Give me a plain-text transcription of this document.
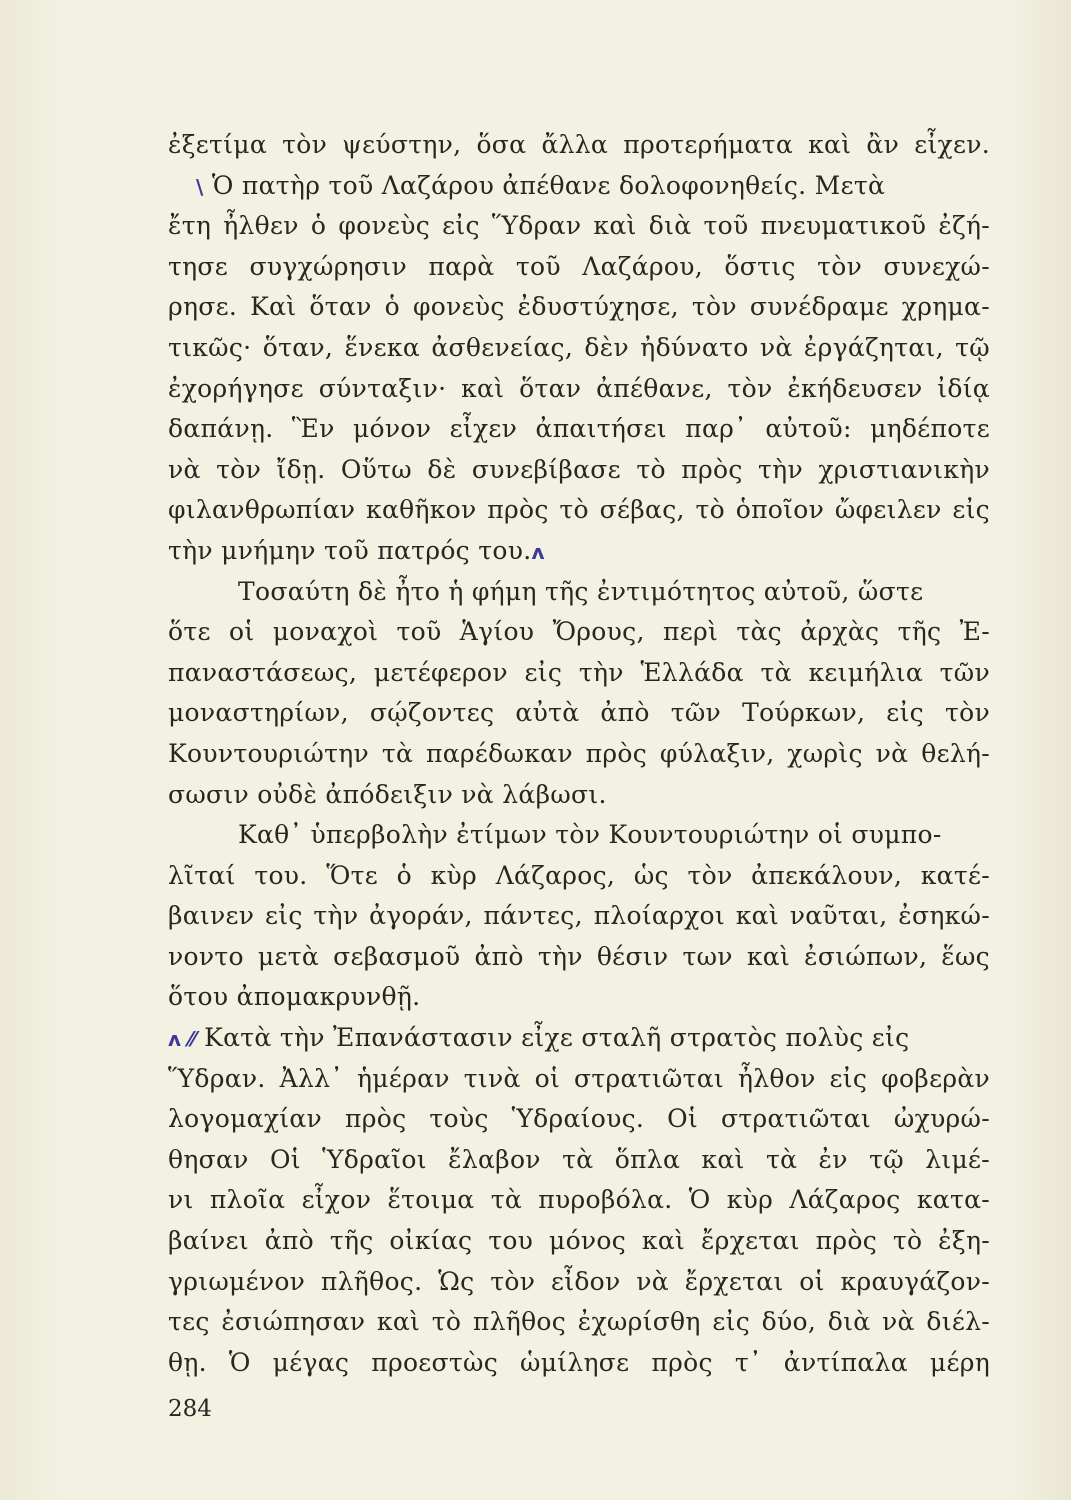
ἐξετίμα τὸν ψεύστην, ὅσα ἄλλα προτερήματα καὶ ἂν εἶχεν.
\ Ὁ πατὴρ τοῦ Λαζάρου ἀπέθανε δολοφονηθείς. Μετὰ
ἔτη ἦλθεν ὁ φονεὺς εἰς Ὕδραν καὶ διὰ τοῦ πνευματικοῦ ἐζή-
τησε συγχώρησιν παρὰ τοῦ Λαζάρου, ὅστις τὸν συνεχώ-
ρησε. Καὶ ὅταν ὁ φονεὺς ἐδυστύχησε, τὸν συνέδραμε χρημα-
τικῶς· ὅταν, ἕνεκα ἀσθενείας, δὲν ἠδύνατο νὰ ἐργάζηται, τῷ
ἐχορήγησε σύνταξιν· καὶ ὅταν ἀπέθανε, τὸν ἐκήδευσεν ἰδίᾳ
δαπάνῃ. Ἓν μόνον εἶχεν ἀπαιτήσει παρ᾽ αὐτοῦ: μηδέποτε
νὰ τὸν ἴδῃ. Οὕτω δὲ συνεβίβασε τὸ πρὸς τὴν χριστιανικὴν
φιλανθρωπίαν καθῆκον πρὸς τὸ σέβας, τὸ ὁποῖον ὤφειλεν εἰς
τὴν μνήμην τοῦ πατρός του.ʌ
Τοσαύτη δὲ ἦτο ἡ φήμη τῆς ἐντιμότητος αὐτοῦ, ὥστε
ὅτε οἱ μοναχοὶ τοῦ Ἁγίου Ὄρους, περὶ τὰς ἀρχὰς τῆς Ἐ-
παναστάσεως, μετέφερον εἰς τὴν Ἑλλάδα τὰ κειμήλια τῶν
μοναστηρίων, σῴζοντες αὐτὰ ἀπὸ τῶν Τούρκων, εἰς τὸν
Κουντουριώτην τὰ παρέδωκαν πρὸς φύλαξιν, χωρὶς νὰ θελή-
σωσιν οὐδὲ ἀπόδειξιν νὰ λάβωσι.
Καθ᾽ ὑπερβολὴν ἐτίμων τὸν Κουντουριώτην οἱ συμπο-
λῖταί του. Ὅτε ὁ κὺρ Λάζαρος, ὡς τὸν ἀπεκάλουν, κατέ-
βαινεν εἰς τὴν ἀγοράν, πάντες, πλοίαρχοι καὶ ναῦται, ἐσηκώ-
νοντο μετὰ σεβασμοῦ ἀπὸ τὴν θέσιν των καὶ ἐσιώπων, ἕως
ὅτου ἀπομακρυνθῇ.
ʌ ⁄⁄ Κατὰ τὴν Ἐπανάστασιν εἶχε σταλῆ στρατὸς πολὺς εἰς
Ὕδραν. Ἀλλ᾽ ἡμέραν τινὰ οἱ στρατιῶται ἦλθον εἰς φοβερὰν
λογομαχίαν πρὸς τοὺς Ὑδραίους. Οἱ στρατιῶται ὠχυρώ-
θησαν Οἱ Ὑδραῖοι ἔλαβον τὰ ὅπλα καὶ τὰ ἐν τῷ λιμέ-
νι πλοῖα εἶχον ἕτοιμα τὰ πυροβόλα. Ὁ κὺρ Λάζαρος κατα-
βαίνει ἀπὸ τῆς οἰκίας του μόνος καὶ ἔρχεται πρὸς τὸ ἐξη-
γριωμένον πλῆθος. Ὡς τὸν εἶδον νὰ ἔρχεται οἱ κραυγάζον-
τες ἐσιώπησαν καὶ τὸ πλῆθος ἐχωρίσθη εἰς δύο, διὰ νὰ διέλ-
θῃ. Ὁ μέγας προεστὼς ὡμίλησε πρὸς τ᾽ ἀντίπαλα μέρη
284
